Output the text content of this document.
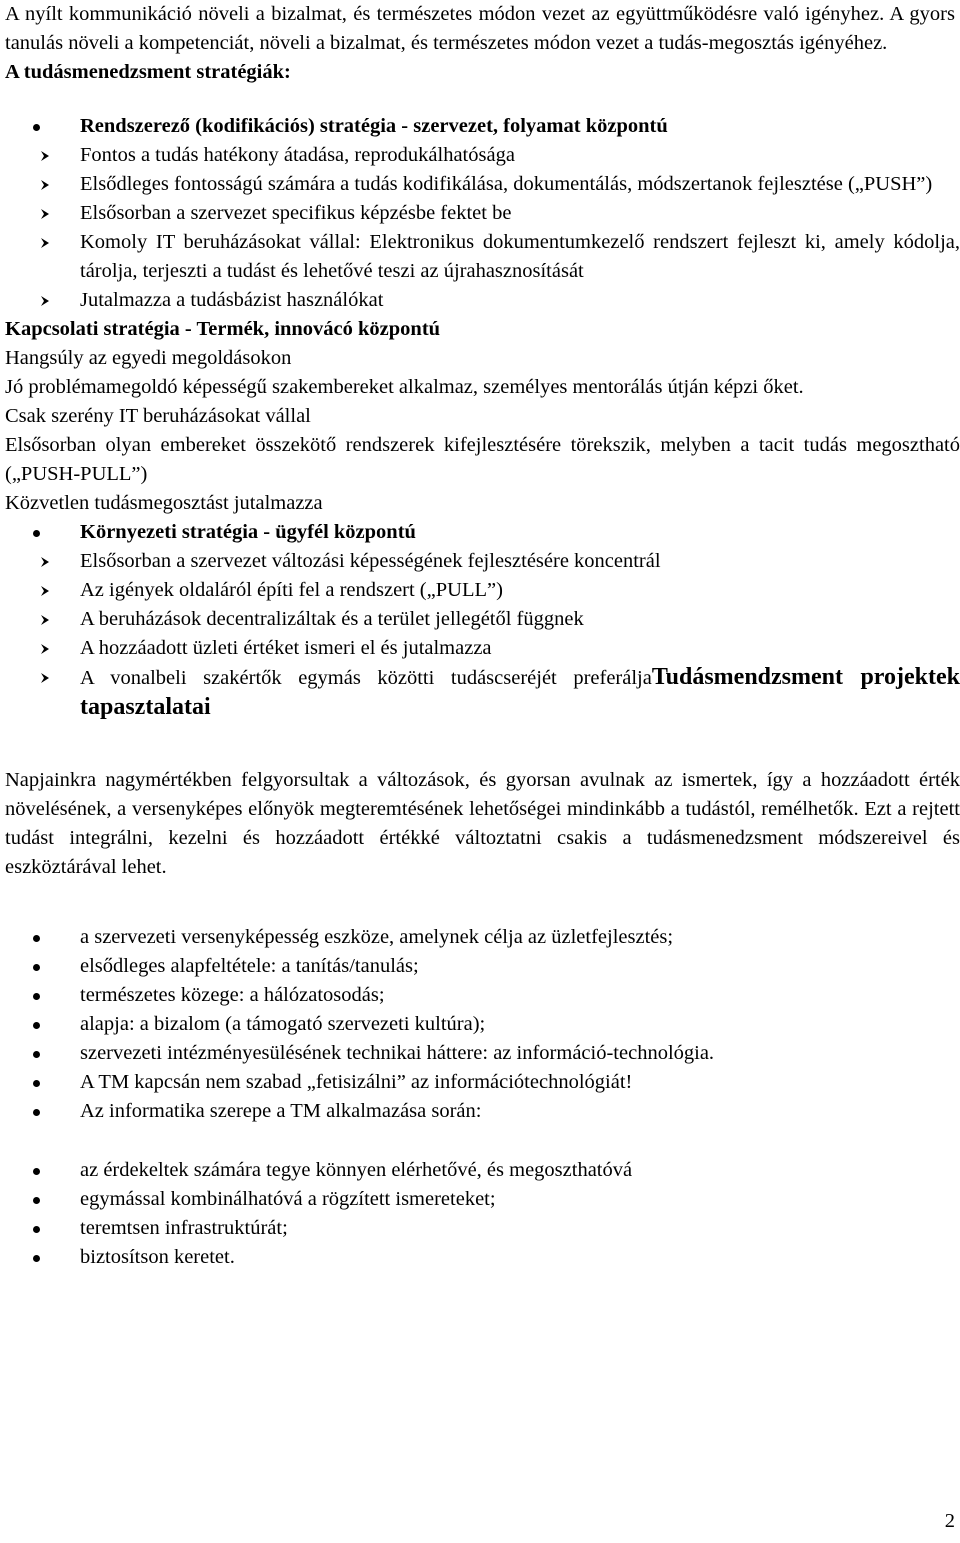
A nyílt kommunikáció növeli a bizalmat, és természetes módon vezet az együttműködésre való igényhez. A gyors tanulás növeli a kompetenciát, növeli a bizalmat, és természetes módon vezet a tudás-megosztás igényéhez.

A tudásmenedzsment stratégiák:

Rendszerező (kodifikációs) stratégia - szervezet, folyamat központú
Fontos a tudás hatékony átadása, reprodukálhatósága
Elsődleges fontosságú számára a tudás kodifikálása, dokumentálás, módszertanok fejlesztése („PUSH”)
Elsősorban a szervezet specifikus képzésbe fektet be
Komoly IT beruházásokat vállal: Elektronikus dokumentumkezelő rendszert fejleszt ki, amely kódolja, tárolja, terjeszti a tudást és lehetővé teszi az újrahasznosítását
Jutalmazza a tudásbázist használókat
Kapcsolati stratégia - Termék, innovácó központú
Hangsúly az egyedi megoldásokon
Jó problémamegoldó képességű szakembereket alkalmaz, személyes mentorálás útján képzi őket.
Csak szerény IT beruházásokat vállal
Elsősorban olyan embereket összekötő rendszerek kifejlesztésére törekszik, melyben a tacit tudás megosztható („PUSH-PULL”)
Közvetlen tudásmegosztást jutalmazza
Környezeti stratégia - ügyfél központú
Elsősorban a szervezet változási képességének fejlesztésére koncentrál
Az igények oldaláról építi fel a rendszert („PULL”)
A beruházások decentralizáltak és a terület jellegétől függnek
A hozzáadott üzleti értéket ismeri el és jutalmazza
A vonalbeli szakértők egymás közötti tudáscseréjét preferáljaTudásmendzsment projektek tapasztalatai

Napjainkra nagymértékben felgyorsultak a változások, és gyorsan avulnak az ismertek, így a hozzáadott érték növelésének, a versenyképes előnyök megteremtésének lehetőségei mindinkább a tudástól, remélhetők. Ezt a rejtett tudást integrálni, kezelni és hozzáadott értékké változtatni csakis a tudásmenedzsment módszereivel és eszköztárával lehet.

a szervezeti versenyképesség eszköze, amelynek célja az üzletfejlesztés;
elsődleges alapfeltétele: a tanítás/tanulás;
természetes közege: a hálózatosodás;
alapja: a bizalom (a támogató szervezeti kultúra);
szervezeti intézményesülésének technikai háttere: az információ-technológia.
A TM kapcsán nem szabad „fetisizálni” az információtechnológiát!
Az informatika szerepe a TM alkalmazása során:
az érdekeltek számára tegye könnyen elérhetővé, és megoszthatóvá
egymással kombinálhatóvá a rögzített ismereteket;
teremtsen infrastruktúrát;
biztosítson keretet.
2
